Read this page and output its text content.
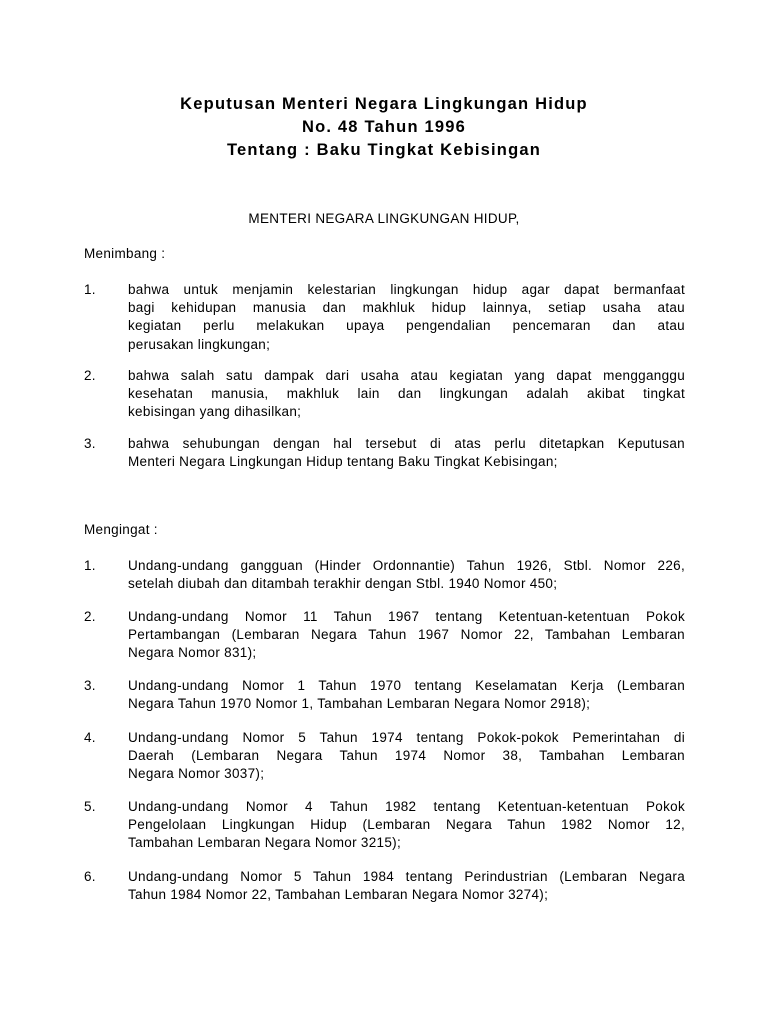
Keputusan Menteri Negara Lingkungan Hidup
No. 48 Tahun 1996
Tentang : Baku Tingkat Kebisingan
MENTERI NEGARA LINGKUNGAN HIDUP,
Menimbang :
1.	bahwa untuk menjamin kelestarian lingkungan hidup agar dapat bermanfaat
bagi kehidupan manusia dan makhluk hidup lainnya, setiap usaha atau
kegiatan perlu melakukan upaya pengendalian pencemaran dan atau
perusakan lingkungan;
2.	bahwa salah satu dampak dari usaha atau kegiatan yang dapat mengganggu
kesehatan manusia, makhluk lain dan lingkungan adalah akibat tingkat
kebisingan yang dihasilkan;
3.	bahwa sehubungan dengan hal tersebut di atas perlu ditetapkan Keputusan
Menteri Negara Lingkungan Hidup tentang Baku Tingkat Kebisingan;
Mengingat :
1.	Undang-undang gangguan (Hinder Ordonnantie) Tahun 1926, Stbl. Nomor 226,
setelah diubah dan ditambah terakhir dengan Stbl. 1940 Nomor 450;
2.	Undang-undang Nomor 11 Tahun 1967 tentang Ketentuan-ketentuan Pokok
Pertambangan (Lembaran Negara Tahun 1967 Nomor 22, Tambahan Lembaran
Negara Nomor 831);
3.	Undang-undang Nomor 1 Tahun 1970 tentang Keselamatan Kerja (Lembaran
Negara Tahun 1970 Nomor 1, Tambahan Lembaran Negara Nomor 2918);
4.	Undang-undang Nomor 5 Tahun 1974 tentang Pokok-pokok Pemerintahan di
Daerah (Lembaran Negara Tahun 1974 Nomor 38, Tambahan Lembaran
Negara Nomor 3037);
5.	Undang-undang Nomor 4 Tahun 1982 tentang Ketentuan-ketentuan Pokok
Pengelolaan Lingkungan Hidup (Lembaran Negara Tahun 1982 Nomor 12,
Tambahan Lembaran Negara Nomor 3215);
6.	Undang-undang Nomor 5 Tahun 1984 tentang Perindustrian (Lembaran Negara
Tahun 1984 Nomor 22, Tambahan Lembaran Negara Nomor 3274);
